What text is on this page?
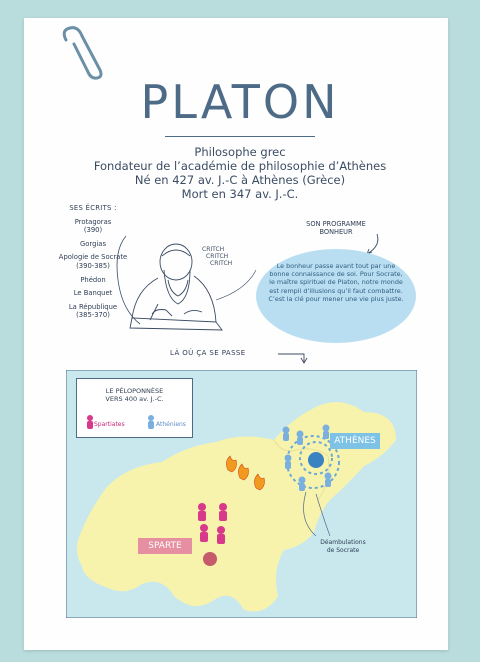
PLATON
Philosophe grec
Fondateur de l’académie de philosophie d’Athènes
Né en 427 av. J.-C à Athènes (Grèce)
Mort en 347 av. J.-C.
SES ÉCRITS :
Protagoras
(390)
Gorgias
Apologie de Socrate
(390-385)
Phédon
Le Banquet
La République
(385-370)
CRITCH
CRITCH
CRITCH
SON PROGRAMME
BONHEUR
Le bonheur passe avant tout par une bonne connaissance de soi. Pour Socrate, le maître spirituel de Platon, notre monde est rempli d’illusions qu’il faut combattre. C’est la clé pour mener une vie plus juste.
LÀ OÙ ÇA SE PASSE
LE PÉLOPONNÈSE
VERS 400 av. J.-C.
Spartiates	Athéniens
ATHÈNES
SPARTE	Déambulations
de Socrate
